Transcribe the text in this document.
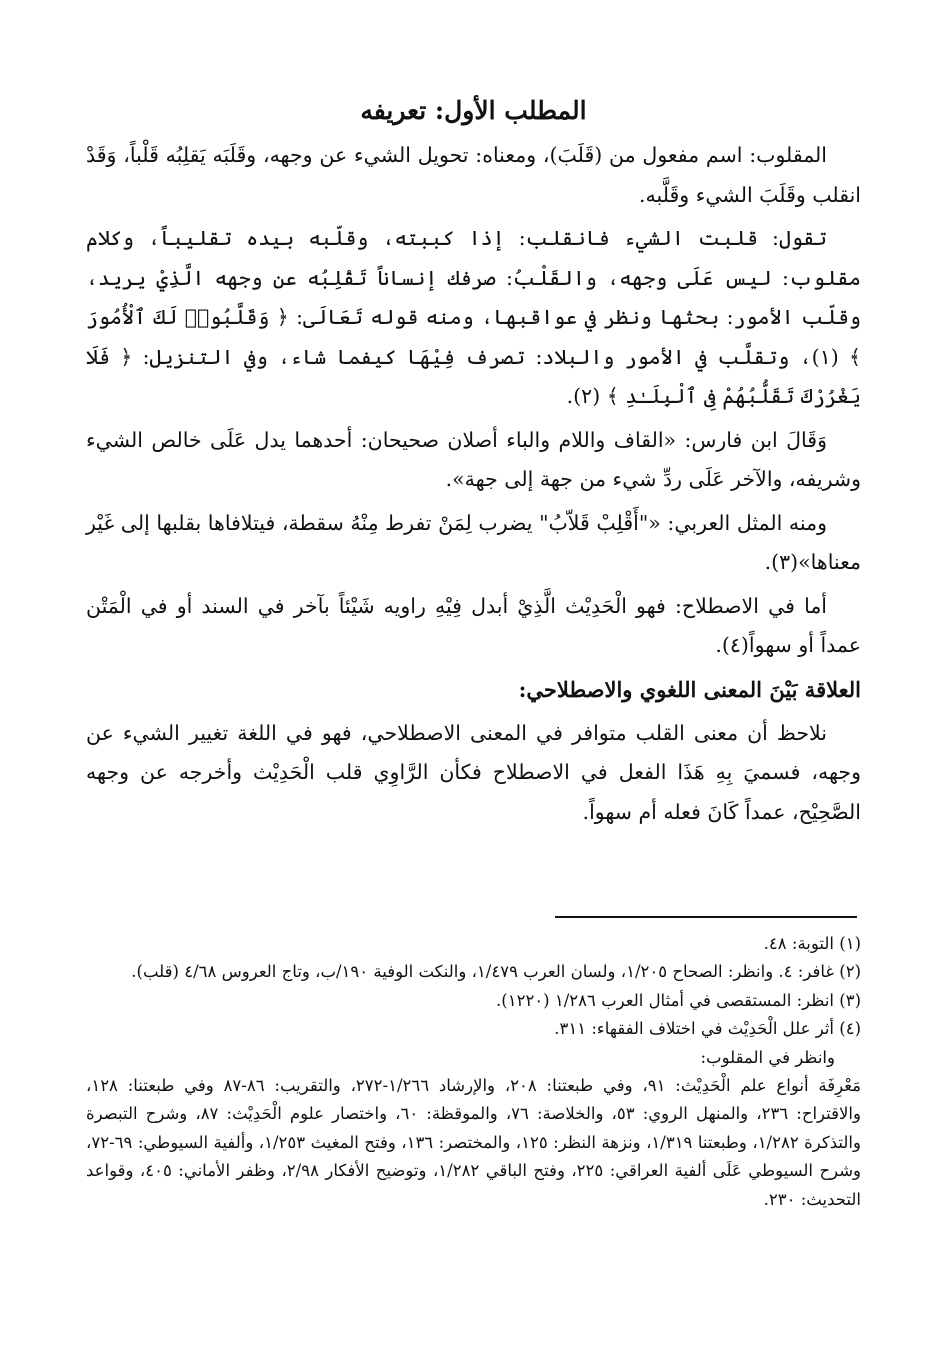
المطلب الأول: تعريفه

المقلوب: اسم مفعول من (قَلَبَ)، ومعناه: تحويل الشيء عن وجهه، وقَلَبَه يَقلِبُه قَلْباً، وَقَدْ انقلب وقَلَبَ الشيء وقَلَّبه.

تقول: قلبت الشيء فانقلب: إذا كببته، وقلّبه بيده تقليباً، وكلام مقلوب: ليس عَلَى وجهه، والقَلْبُ: صرفك إنساناً تَقْلِبُه عن وجهه الَّذِيْ يريد، وقلّب الأمور: بحثها ونظر في عواقبها، ومنه قوله تَعَالَى: ﴿ وَقَلَّبُوا۟ لَكَ ٱلْأُمُورَ ﴾ (١)، وتقلَّب في الأمور والبلاد: تصرف فِيْهَا كيفما شاء، وفي التنزيل: ﴿ فَلَا يَغْرُرْكَ تَقَلُّبُهُمْ فِى ٱلْبِلَـٰدِ ﴾ (٢).

وَقَالَ ابن فارس: «القاف واللام والباء أصلان صحيحان: أحدهما يدل عَلَى خالص الشيء وشريفه، والآخر عَلَى ردِّ شيء من جهة إلى جهة».

ومنه المثل العربي: «"أَقْلِبْ قَلاّبُ" يضرب لِمَنْ تفرط مِنْهُ سقطة، فيتلافاها بقلبها إلى غَيْر معناها»(٣).

أما في الاصطلاح: فهو الْحَدِيْث الَّذِيْ أبدل فِيْهِ راويه شَيْئاً بآخر في السند أو في الْمَتْن عمداً أو سهواً(٤).

العلاقة بَيْنَ المعنى اللغوي والاصطلاحي:

نلاحظ أن معنى القلب متوافر في المعنى الاصطلاحي، فهو في اللغة تغيير الشيء عن وجهه، فسميَ بِهِ هَذَا الفعل في الاصطلاح فكأن الرَّاوِي قلب الْحَدِيْث وأخرجه عن وجهه الصَّحِيْح، عمداً كَانَ فعله أم سهواً.

(١) التوبة: ٤٨.

(٢) غافر: ٤. وانظر: الصحاح ١/٢٠٥، ولسان العرب ١/٤٧٩، والنكت الوفية ١٩٠/ب، وتاج العروس ٤/٦٨ (قلب).

(٣) انظر: المستقصى في أمثال العرب ١/٢٨٦ (١٢٢٠).

(٤) أثر علل الْحَدِيْث في اختلاف الفقهاء: ٣١١.

وانظر في المقلوب:

مَعْرِفَة أنواع علم الْحَدِيْث: ٩١، وفي طبعتنا: ٢٠٨، والإرشاد ١/٢٦٦-٢٧٢، والتقريب: ٨٦-٨٧ وفي طبعتنا: ١٢٨، والاقتراح: ٢٣٦، والمنهل الروي: ٥٣، والخلاصة: ٧٦، والموقظة: ٦٠، واختصار علوم الْحَدِيْث: ٨٧، وشرح التبصرة والتذكرة ١/٢٨٢، وطبعتنا ١/٣١٩، ونزهة النظر: ١٢٥، والمختصر: ١٣٦، وفتح المغيث ١/٢٥٣، وألفية السيوطي: ٦٩-٧٢، وشرح السيوطي عَلَى ألفية العراقي: ٢٢٥، وفتح الباقي ١/٢٨٢، وتوضيح الأفكار ٢/٩٨، وظفر الأماني: ٤٠٥، وقواعد التحديث: ٢٣٠.
